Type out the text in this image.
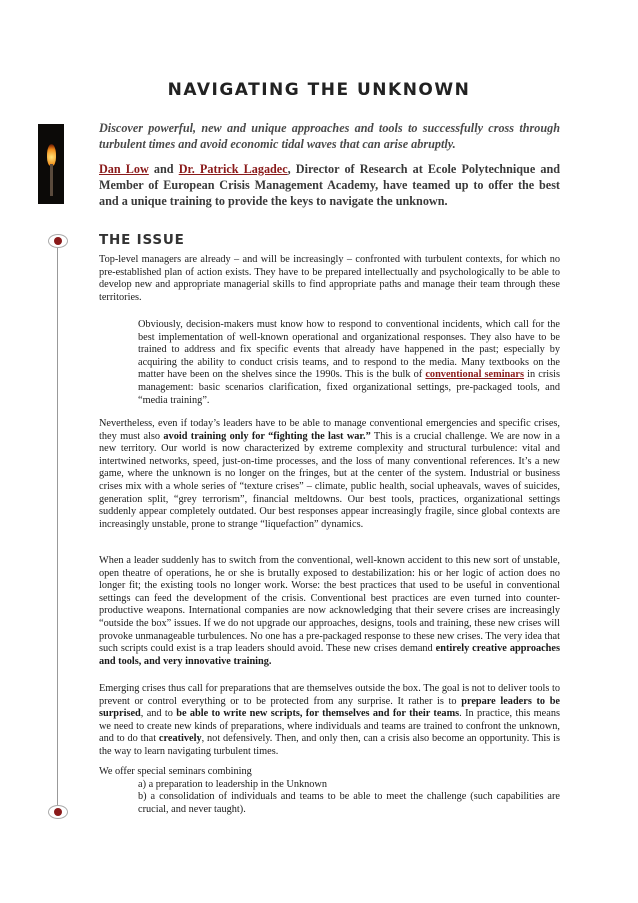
NAVIGATING THE UNKNOWN
Discover powerful, new and unique approaches and tools to successfully cross through turbulent times and avoid economic tidal waves that can arise abruptly.
Dan Low and Dr. Patrick Lagadec, Director of Research at Ecole Polytechnique and Member of European Crisis Management Academy, have teamed up to offer the best and a unique training to provide the keys to navigate the unknown.
THE ISSUE

Top-level managers are already – and will be increasingly – confronted with turbulent contexts, for which no pre-established plan of action exists. They have to be prepared intellectually and psychologically to be able to develop new and appropriate managerial skills to find appropriate paths and manage their team through these territories.

Obviously, decision-makers must know how to respond to conventional incidents, which call for the best implementation of well-known operational and organizational responses. They also have to be trained to address and fix specific events that already have happened in the past; especially by acquiring the ability to conduct crisis teams, and to respond to the media. Many textbooks on the matter have been on the shelves since the 1990s. This is the bulk of conventional seminars in crisis management: basic scenarios clarification, fixed organizational settings, pre-packaged tools, and “media training”.

Nevertheless, even if today’s leaders have to be able to manage conventional emergencies and specific crises, they must also avoid training only for “fighting the last war.” This is a crucial challenge. We are now in a new territory. Our world is now characterized by extreme complexity and structural turbulence: vital and intertwined networks, speed, just-on-time processes, and the loss of many conventional references. It’s a new game, where the unknown is no longer on the fringes, but at the center of the system. Industrial or business crises mix with a whole series of “texture crises” – climate, public health, social upheavals, waves of suicides, generation split, “grey terrorism”, financial meltdowns. Our best tools, practices, organizational settings suddenly appear completely outdated. Our best responses appear increasingly fragile, since global contexts are increasingly unstable, prone to strange “liquefaction” dynamics.

When a leader suddenly has to switch from the conventional, well-known accident to this new sort of unstable, open theatre of operations, he or she is brutally exposed to destabilization: his or her logic of action does no longer fit; the existing tools no longer work. Worse: the best practices that used to be useful in conventional settings can feed the development of the crisis. Conventional best practices are even turned into counter-productive weapons. International companies are now acknowledging that their severe crises are increasingly “outside the box” issues. If we do not upgrade our approaches, designs, tools and training, these new crises will provoke unmanageable turbulences. No one has a pre-packaged response to these new crises. The very idea that such scripts could exist is a trap leaders should avoid. These new crises demand entirely creative approaches and tools, and very innovative training.

Emerging crises thus call for preparations that are themselves outside the box. The goal is not to deliver tools to prevent or control everything or to be protected from any surprise. It rather is to prepare leaders to be surprised, and to be able to write new scripts, for themselves and for their teams. In practice, this means we need to create new kinds of preparations, where individuals and teams are trained to confront the unknown, and to do that creatively, not defensively. Then, and only then, can a crisis also become an opportunity. This is the way to learn navigating turbulent times.

We offer special seminars combining

a) a preparation to leadership in the Unknown

b) a consolidation of individuals and teams to be able to meet the challenge (such capabilities are crucial, and never taught).
